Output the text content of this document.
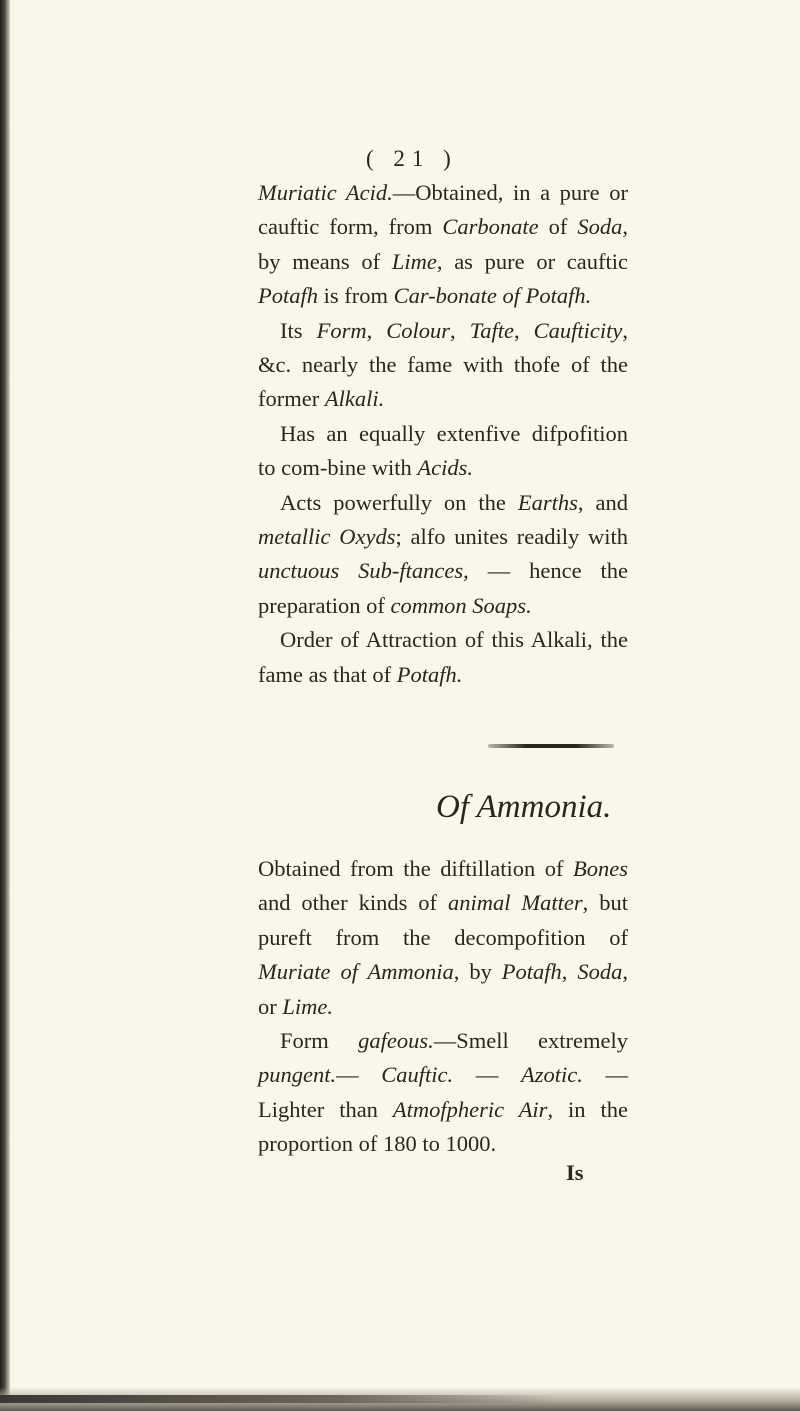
( 21 )

Muriatic Acid.—Obtained, in a pure or cauftic form, from Carbonate of Soda, by means of Lime, as pure or cauftic Potafh is from Car-bonate of Potafh.

Its Form, Colour, Tafte, Caufticity, &c. nearly the fame with thofe of the former Alkali.

Has an equally extenfive difpofition to com-bine with Acids.

Acts powerfully on the Earths, and metallic Oxyds; alfo unites readily with unctuous Sub-ftances, — hence the preparation of common Soaps.

Order of Attraction of this Alkali, the fame as that of Potafh.

Of Ammonia.

Obtained from the diftillation of Bones and other kinds of animal Matter, but pureft from the decompofition of Muriate of Ammonia, by Potafh, Soda, or Lime.

Form gafeous.—Smell extremely pungent.— Cauftic. — Azotic. — Lighter than Atmofpheric Air, in the proportion of 180 to 1000.

Is
